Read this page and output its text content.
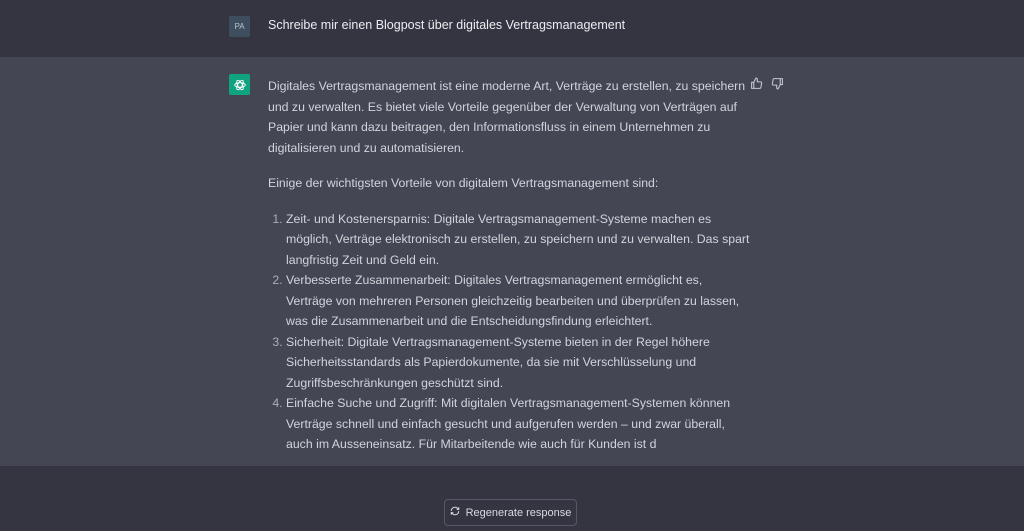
PA	Schreibe mir einen Blogpost über digitales Vertragsmanagement

Digitales Vertragsmanagement ist eine moderne Art, Verträge zu erstellen, zu speichern und zu verwalten. Es bietet viele Vorteile gegenüber der Verwaltung von Verträgen auf Papier und kann dazu beitragen, den Informationsfluss in einem Unternehmen zu digitalisieren und zu automatisieren.

Einige der wichtigsten Vorteile von digitalem Vertragsmanagement sind:

1. Zeit- und Kostenersparnis: Digitale Vertragsmanagement-Systeme machen es möglich, Verträge elektronisch zu erstellen, zu speichern und zu verwalten. Das spart langfristig Zeit und Geld ein.
2. Verbesserte Zusammenarbeit: Digitales Vertragsmanagement ermöglicht es, Verträge von mehreren Personen gleichzeitig bearbeiten und überprüfen zu lassen, was die Zusammenarbeit und die Entscheidungsfindung erleichtert.
3. Sicherheit: Digitale Vertragsmanagement-Systeme bieten in der Regel höhere Sicherheitsstandards als Papierdokumente, da sie mit Verschlüsselung und Zugriffsbeschränkungen geschützt sind.
4. Einfache Suche und Zugriff: Mit digitalen Vertragsmanagement-Systemen können Verträge schnell und einfach gesucht und aufgerufen werden – und zwar überall, auch im Ausseneinsatz. Für Mitarbeitende wie auch für Kunden ist d
Regenerate response
